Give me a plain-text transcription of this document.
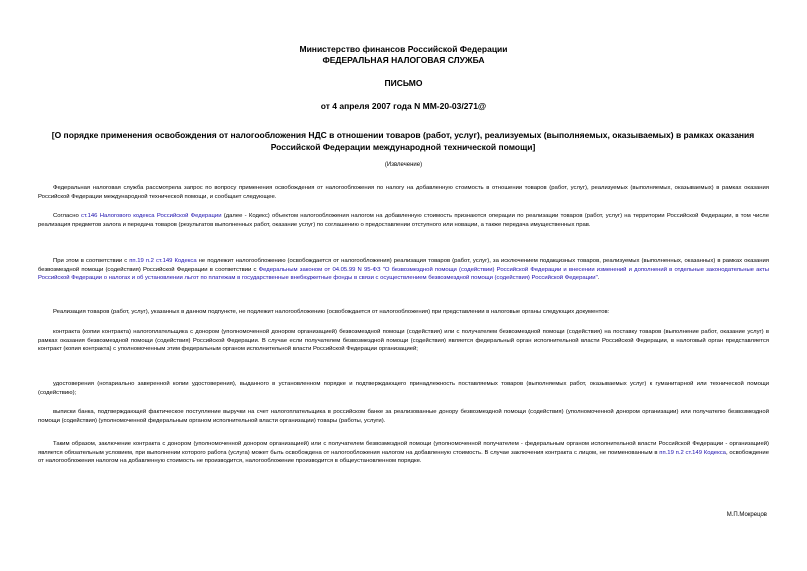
Министерство финансов Российской Федерации
ФЕДЕРАЛЬНАЯ НАЛОГОВАЯ СЛУЖБА
ПИСЬМО
от 4 апреля 2007 года N ММ-20-03/271@
[О порядке применения освобождения от налогообложения НДС в отношении товаров (работ, услуг), реализуемых (выполняемых, оказываемых) в рамках оказания Российской Федерации международной технической помощи]
(Извлечение)
Федеральная налоговая служба рассмотрела запрос по вопросу применения освобождения от налогообложения по налогу на добавленную стоимость в отношении товаров (работ, услуг), реализуемых (выполняемых, оказываемых) в рамках оказания Российской Федерации международной технической помощи, и сообщает следующее.
Согласно ст.146 Налогового кодекса Российской Федерации (далее - Кодекс) объектом налогообложения налогом на добавленную стоимость признаются операции по реализации товаров (работ, услуг) на территории Российской Федерации, в том числе реализация предметов залога и передача товаров (результатов выполненных работ, оказание услуг) по соглашению о предоставлении отступного или новации, а также передача имущественных прав.
При этом в соответствии с пп.19 п.2 ст.149 Кодекса не подлежит налогообложению (освобождается от налогообложения) реализация товаров (работ, услуг), за исключением подакцизных товаров, реализуемых (выполненных, оказанных) в рамках оказания безвозмездной помощи (содействия) Российской Федерации в соответствии с Федеральным законом от 04.05.99 N 95-ФЗ "О безвозмездной помощи (содействии) Российской Федерации и внесении изменений и дополнений в отдельные законодательные акты Российской Федерации о налогах и об установлении льгот по платежам в государственные внебюджетные фонды в связи с осуществлением безвозмездной помощи (содействия) Российской Федерации".
Реализация товаров (работ, услуг), указанных в данном подпункте, не подлежит налогообложению (освобождается от налогообложения) при представлении в налоговые органы следующих документов:
контракта (копии контракта) налогоплательщика с донором (уполномоченной донором организацией) безвозмездной помощи (содействия) или с получателем безвозмездной помощи (содействия) на поставку товаров (выполнение работ, оказание услуг) в рамках оказания безвозмездной помощи (содействия) Российской Федерации. В случае если получателем безвозмездной помощи (содействия) является федеральный орган исполнительной власти Российской Федерации, в налоговый орган представляется контракт (копия контракта) с уполномоченным этим федеральным органом исполнительной власти Российской Федерации организацией;
удостоверения (нотариально заверенной копии удостоверения), выданного в установленном порядке и подтверждающего принадлежность поставляемых товаров (выполняемых работ, оказываемых услуг) к гуманитарной или технической помощи (содействию);
выписки банка, подтверждающей фактическое поступление выручки на счет налогоплательщика в российском банке за реализованные донору безвозмездной помощи (содействия) (уполномоченной донором организации) или получателю безвозмездной помощи (содействия) (уполномоченной федеральным органом исполнительной власти организации) товары (работы, услуги).
Таким образом, заключение контракта с донором (уполномоченной донором организацией) или с получателем безвозмездной помощи (уполномоченной получателем - федеральным органом исполнительной власти Российской Федерации - организацией) является обязательным условием, при выполнении которого работа (услуга) может быть освобождена от налогообложения налогом на добавленную стоимость. В случае заключения контракта с лицом, не поименованным в пп.19 п.2 ст.149 Кодекса, освобождение от налогообложения налогом на добавленную стоимость не производится, налогообложение производится в общеустановленном порядке.
М.П.Мокрецов
